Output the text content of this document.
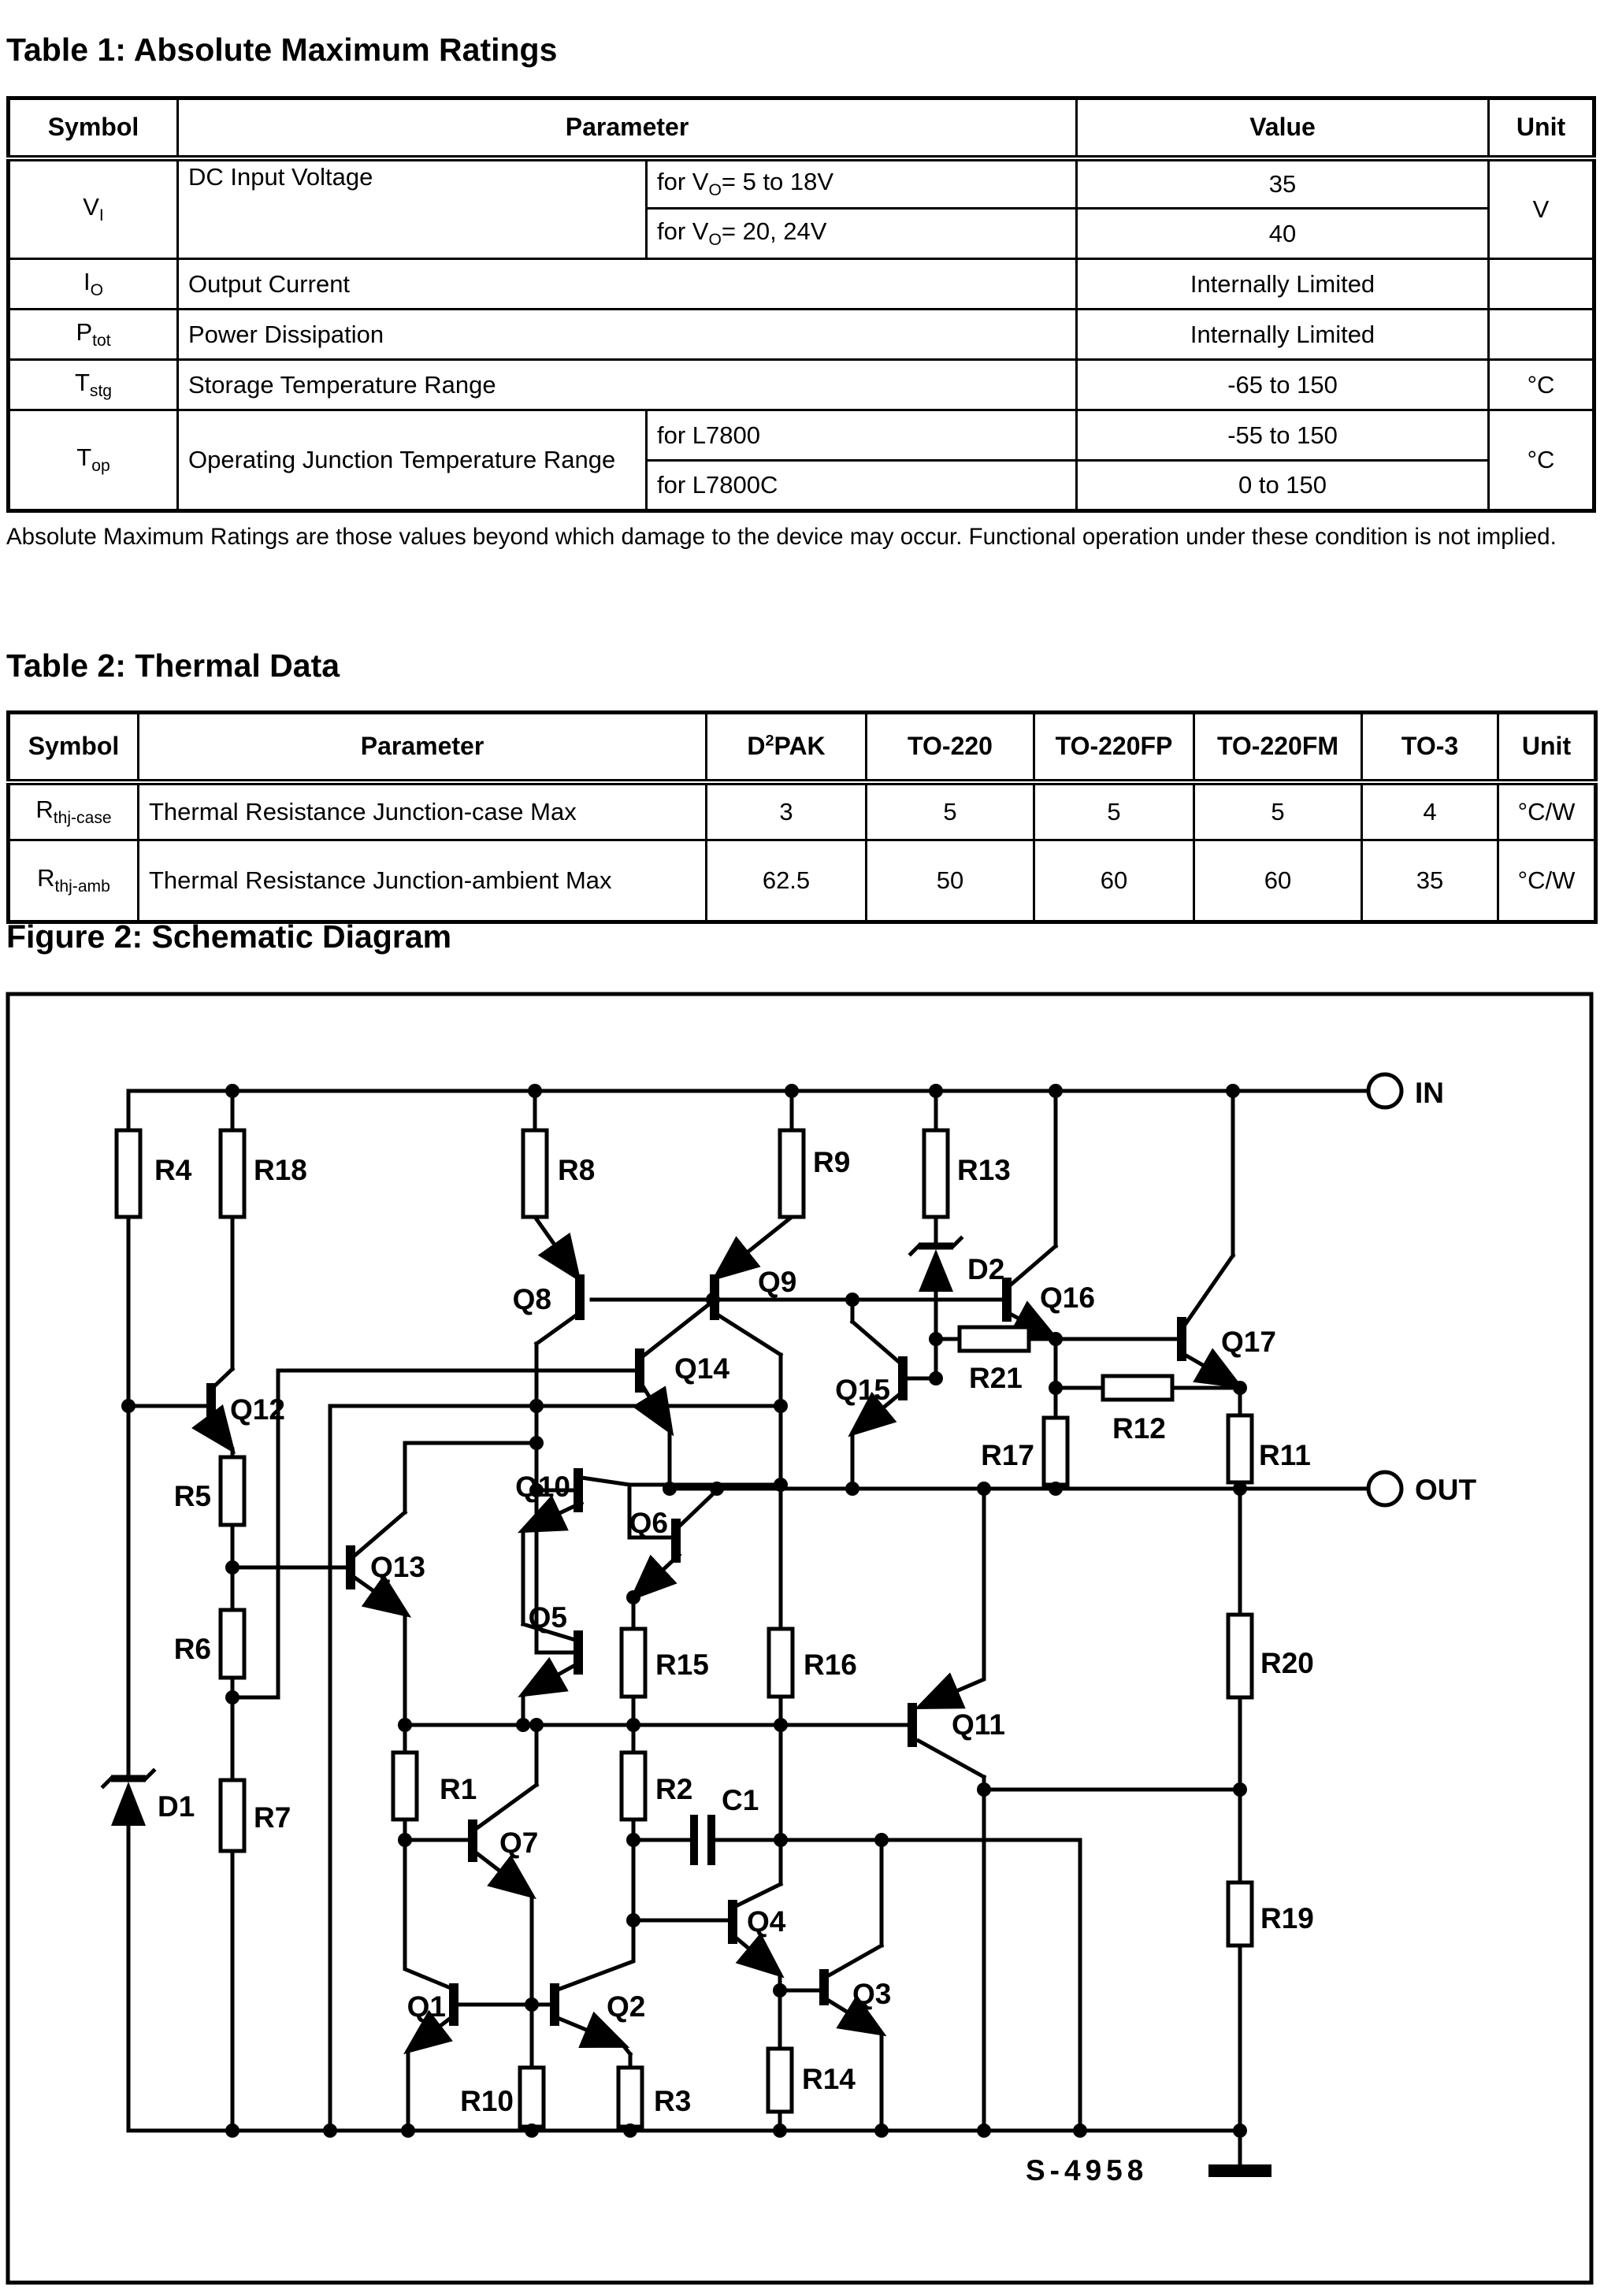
Table 1: Absolute Maximum Ratings
Symbol	Parameter		Value	Unit
$V_I$	DC Input Voltage	for $V_O= 5$ to 18V	35	V
		for $V_O= 20$, 24V	40	
$I_O$	Output Current		Internally Limited	
$P_{tot}$	Power Dissipation		Internally Limited	
$T_{stg}$	Storage Temperature Range		-65 to 150	°C
$T_{op}$	Operating Junction Temperature Range	for L7800	-55 to 150	°C
		for L7800C	0 to 150	
Absolute Maximum Ratings are those values beyond which damage to the device may occur. Functional operation under these condition is not implied.
Table 2: Thermal Data
Symbol	Parameter	$D^2PAK$	TO-220	TO-220FP	TO-220FM	TO-3	Unit
$R_{thj-case}$	Thermal Resistance Junction-case Max	3	5	5	5	4	°C/W
$R_{thj-amb}$	Thermal Resistance Junction-ambient Max	62.5	50	60	60	35	°C/W
Figure 2: Schematic Diagram
R4 R18	R8	R9	R13
D2
Q8
Q9
Q12
IN
Q16
Q17
R21
R12
Q15
Q14
R17	R11
OUT
R5
Q13
Q10
Q6
Q5
R6	R15	R16
Q11
R20
D1 R7
R1	R2 C1
Q7
Q4	R19
Q1	Q2	Q3
R10	R3
R14
S-4958
